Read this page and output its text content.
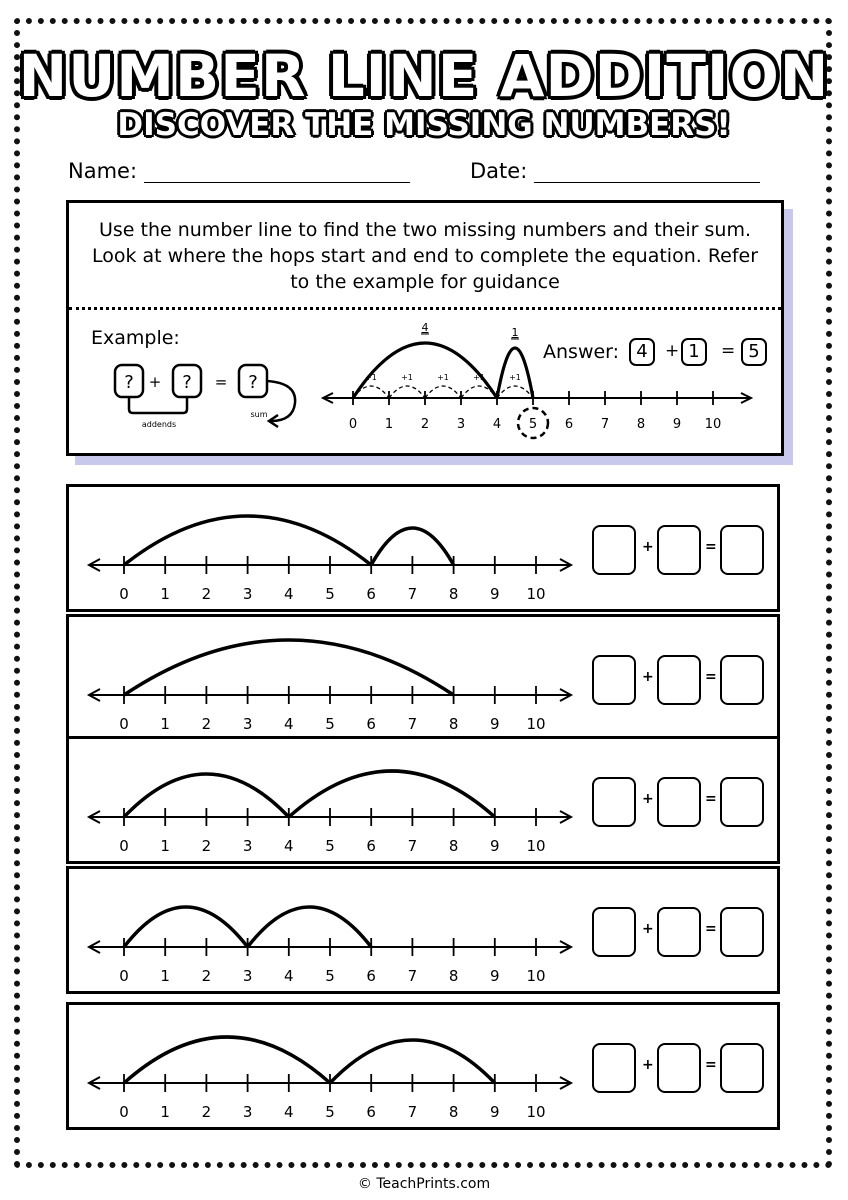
NUMBER LINE ADDITION
DISCOVER THE MISSING NUMBERS!
Name:	Date:
Use the number line to find the two missing numbers and their sum. Look at where the hops start and end to complete the equation. Refer to the example for guidance
Example:
? + ? = ?
addends
sum
0 1 2 3 4 5 6 7 8 9 10
+1	+1	+1	+1	+1
4	1
Answer: 4	+ 1	= 5
0 1 2 3 4 5 6 7 8 9 10
+	=
0 1 2 3 4 5 6 7 8 9 10
+	=
0 1 2 3 4 5 6 7 8 9 10
+	=
0 1 2 3 4 5 6 7 8 9 10
+	=
0 1 2 3 4 5 6 7 8 9 10
+	=
© TeachPrints.com
